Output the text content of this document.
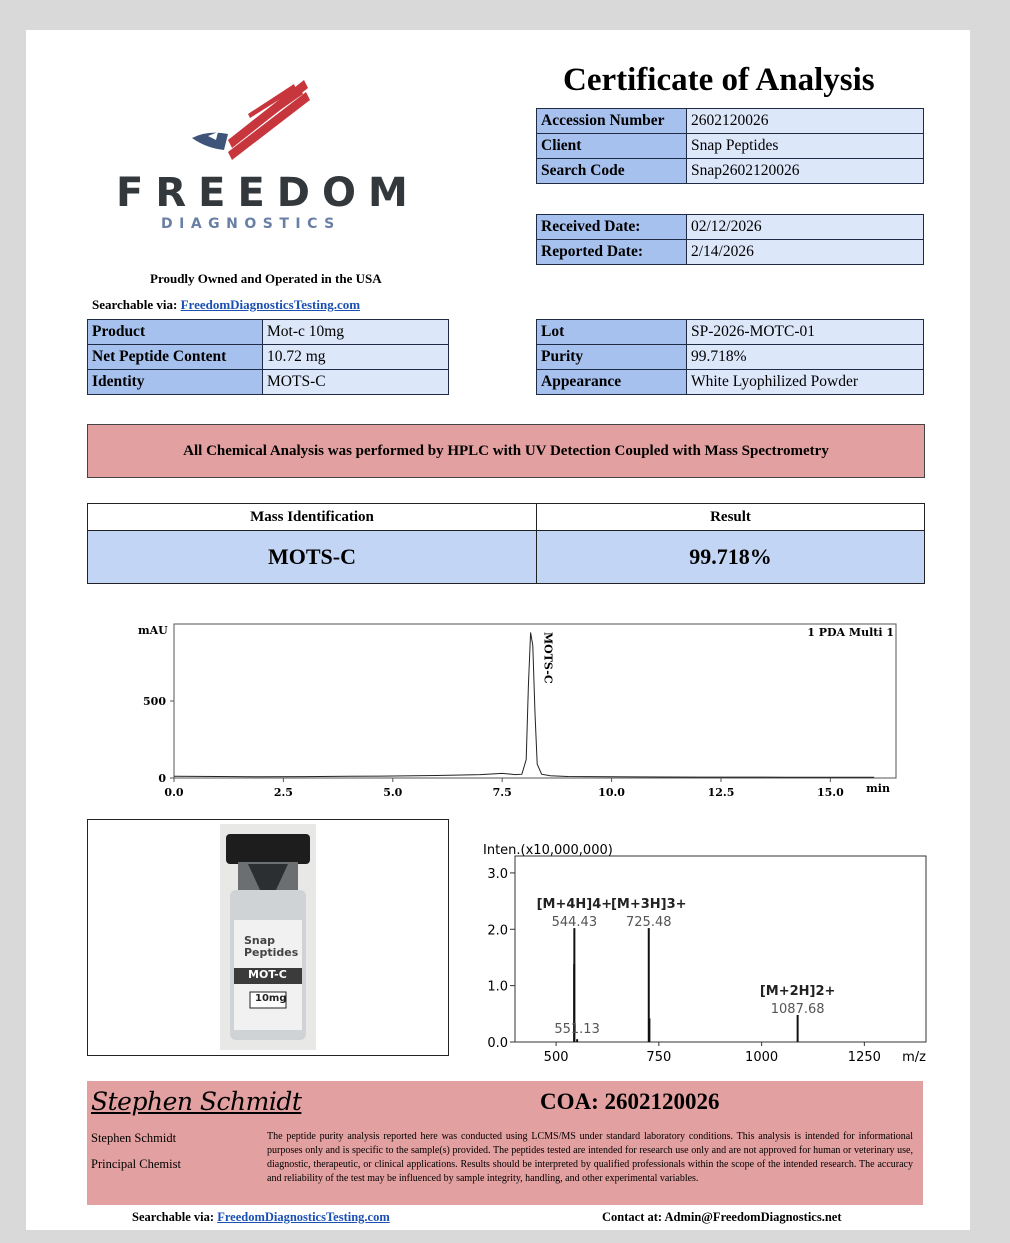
FREEDOM
DIAGNOSTICS
Proudly Owned and Operated in the USA
Searchable via: FreedomDiagnosticsTesting.com
Certificate of Analysis
Accession Number	2602120026
Client	Snap Peptides
Search Code	Snap2602120026
Received Date:	02/12/2026
Reported Date:	2/14/2026
Product	Mot-c 10mg
Net Peptide Content	10.72 mg
Identity	MOTS-C
Lot	SP-2026-MOTC-01
Purity	99.718%
Appearance	White Lyophilized Powder
All Chemical Analysis was performed by HPLC with UV Detection Coupled with Mass Spectrometry
Mass Identification	Result
MOTS-C	99.718%
0.0	2.5	5.0	7.5	10.0	12.5	15.0
0
500
mAU
min
1 PDA Multi 1
MOTS-C
Snap
Peptides
MOT-C
10mg
Inten.(x10,000,000)
0.0
1.0
2.0
3.0
500	750	1000	1250 m/z
544.43
[M+4H]4+
551.13
725.48
[M+3H]3+
1087.68
[M+2H]2+
Stephen Schmidt
Stephen Schmidt
Principal Chemist
COA: 2602120026
The peptide purity analysis reported here was conducted using LCMS/MS under standard laboratory conditions. This analysis is intended for informational purposes only and is specific to the sample(s) provided. The peptides tested are intended for research use only and are not approved for human or veterinary use, diagnostic, therapeutic, or clinical applications. Results should be interpreted by qualified professionals within the scope of the intended research. The accuracy and reliability of the test may be influenced by sample integrity, handling, and other experimental variables.
Searchable via: FreedomDiagnosticsTesting.com	Contact at: Admin@FreedomDiagnostics.net
